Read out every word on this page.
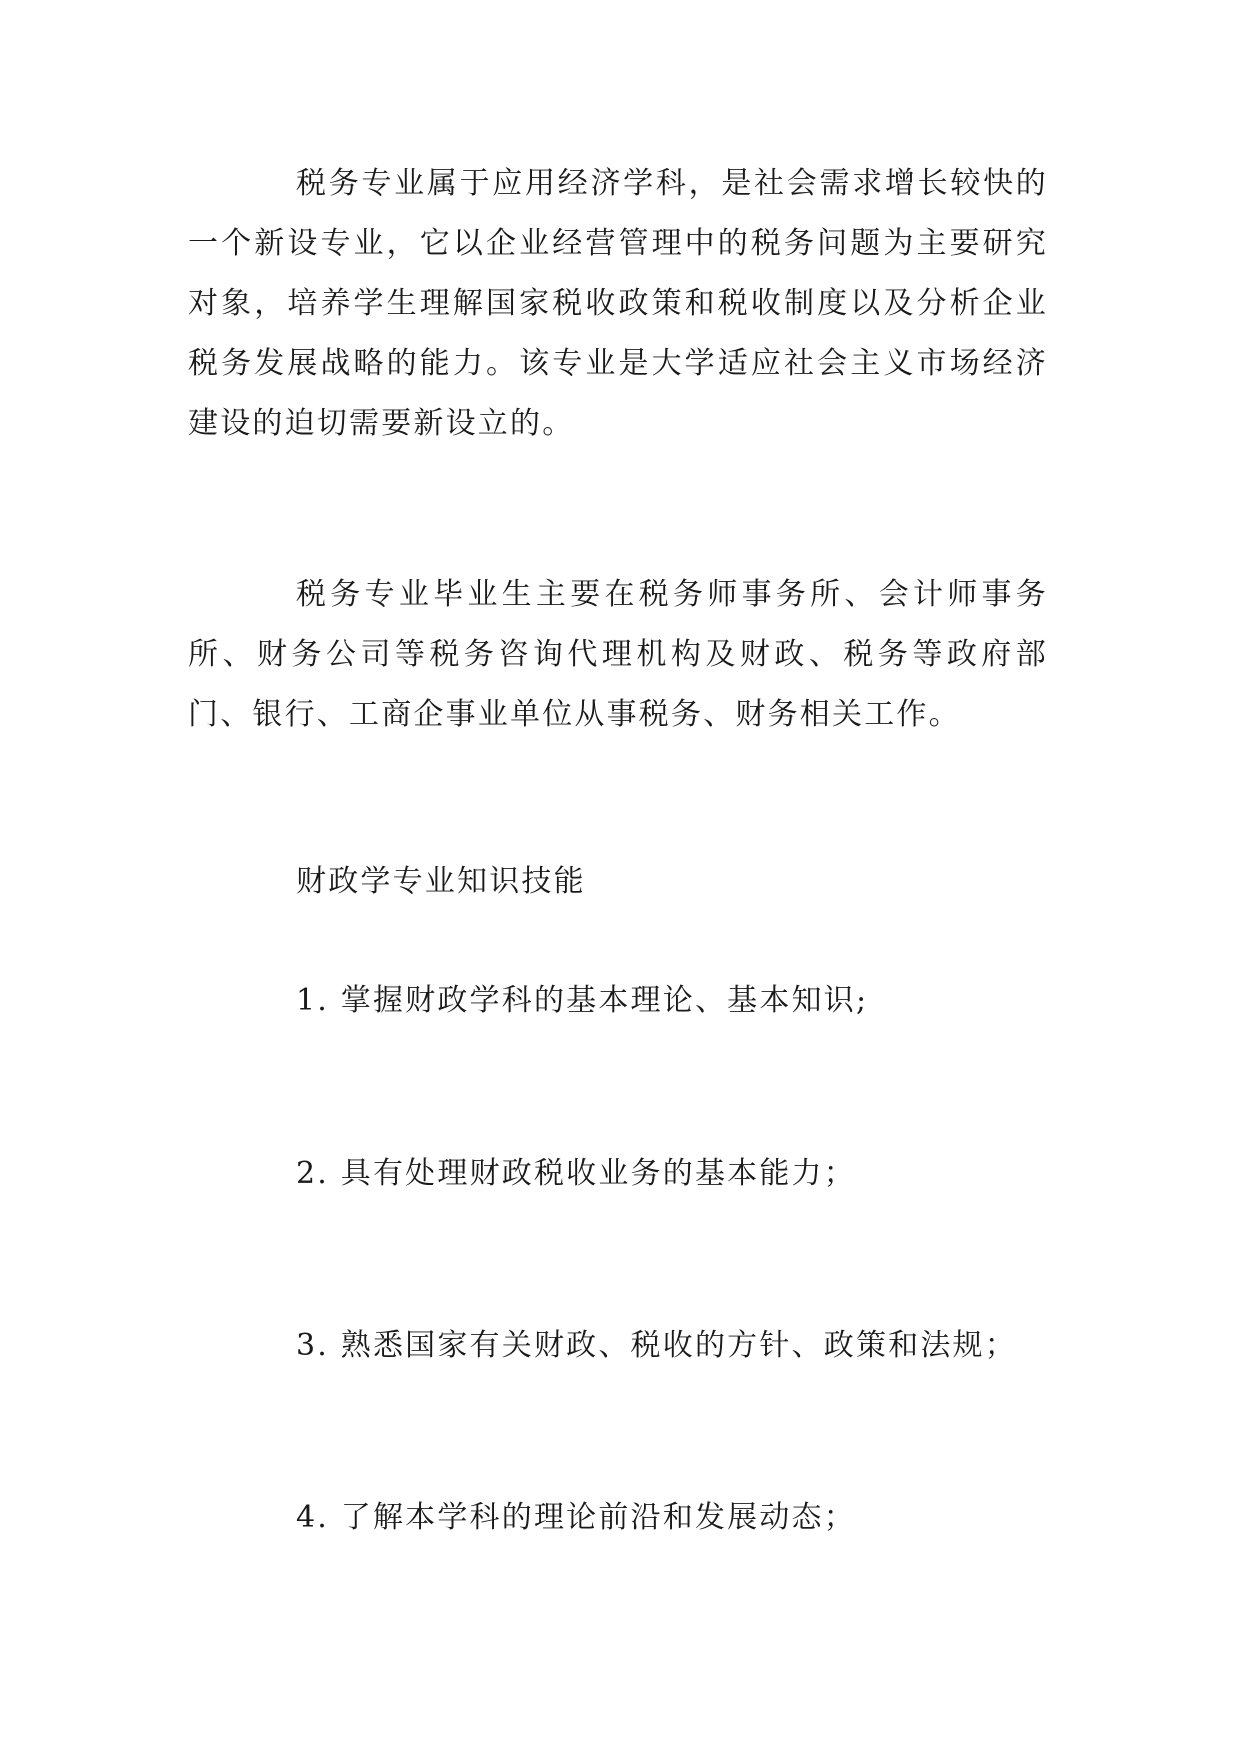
税务专业属于应用经济学科，是社会需求增长较快的一个新设专业，它以企业经营管理中的税务问题为主要研究对象，培养学生理解国家税收政策和税收制度以及分析企业税务发展战略的能力。该专业是大学适应社会主义市场经济建设的迫切需要新设立的。

税务专业毕业生主要在税务师事务所、会计师事务所、财务公司等税务咨询代理机构及财政、税务等政府部门、银行、工商企事业单位从事税务、财务相关工作。

财政学专业知识技能

1. 掌握财政学科的基本理论、基本知识;

2. 具有处理财政税收业务的基本能力；

3. 熟悉国家有关财政、税收的方针、政策和法规；

4. 了解本学科的理论前沿和发展动态；
